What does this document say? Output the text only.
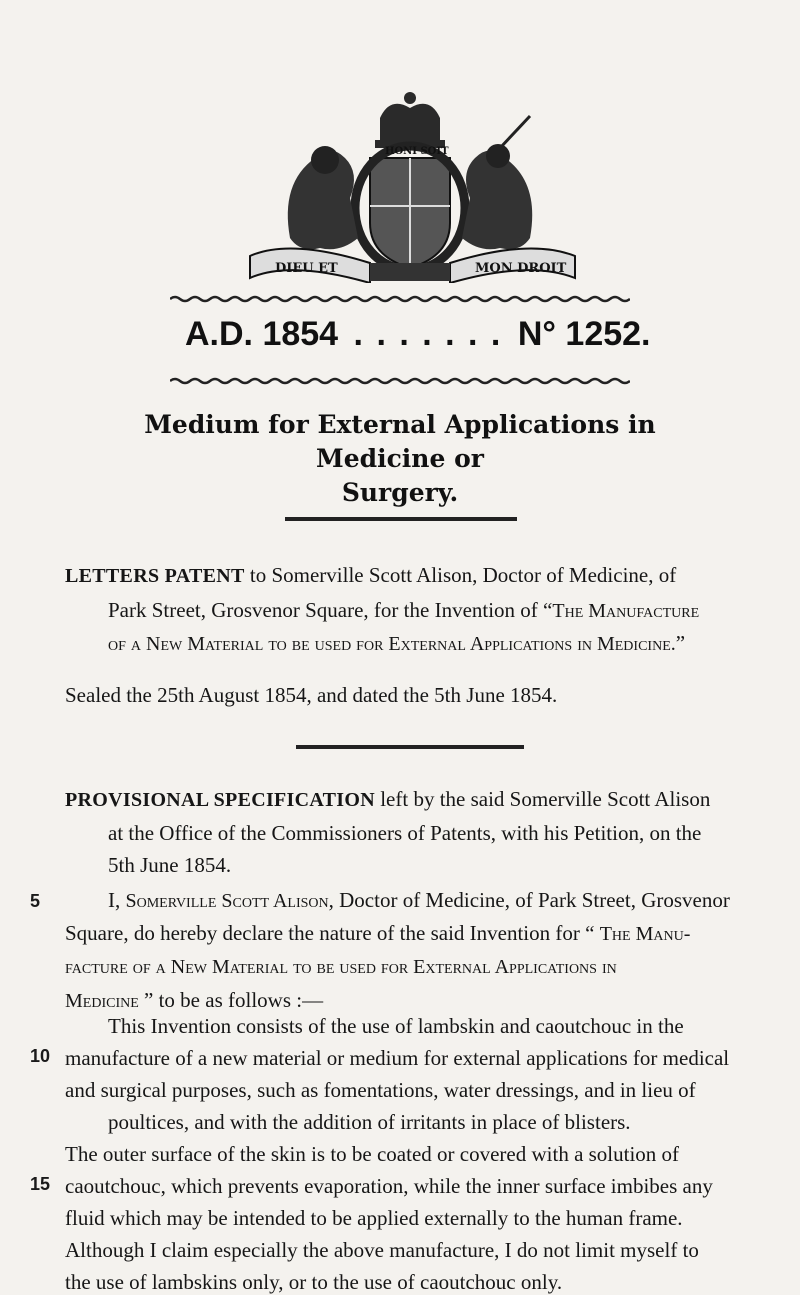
DIEU ET	MON DROIT
HONI SOIT
A.D. 1854 . . . . . . . N° 1252.
Medium for External Applications in Medicine or
Surgery.
LETTERS PATENT to Somerville Scott Alison, Doctor of Medicine, of
Park Street, Grosvenor Square, for the Invention of “The Manufacture
of a New Material to be used for External Applications in Medicine.”
Sealed the 25th August 1854, and dated the 5th June 1854.
PROVISIONAL SPECIFICATION left by the said Somerville Scott Alison
at the Office of the Commissioners of Patents, with his Petition, on the
5th June 1854.
5
10
15
I, Somerville Scott Alison, Doctor of Medicine, of Park Street, Grosvenor
Square, do hereby declare the nature of the said Invention for “ The Manu-
facture of a New Material to be used for External Applications in
Medicine ” to be as follows :—
This Invention consists of the use of lambskin and caoutchouc in the
manufacture of a new material or medium for external applications for medical
and surgical purposes, such as fomentations, water dressings, and in lieu of
poultices, and with the addition of irritants in place of blisters.
The outer surface of the skin is to be coated or covered with a solution of
caoutchouc, which prevents evaporation, while the inner surface imbibes any
fluid which may be intended to be applied externally to the human frame.
Although I claim especially the above manufacture, I do not limit myself to
the use of lambskins only, or to the use of caoutchouc only.
